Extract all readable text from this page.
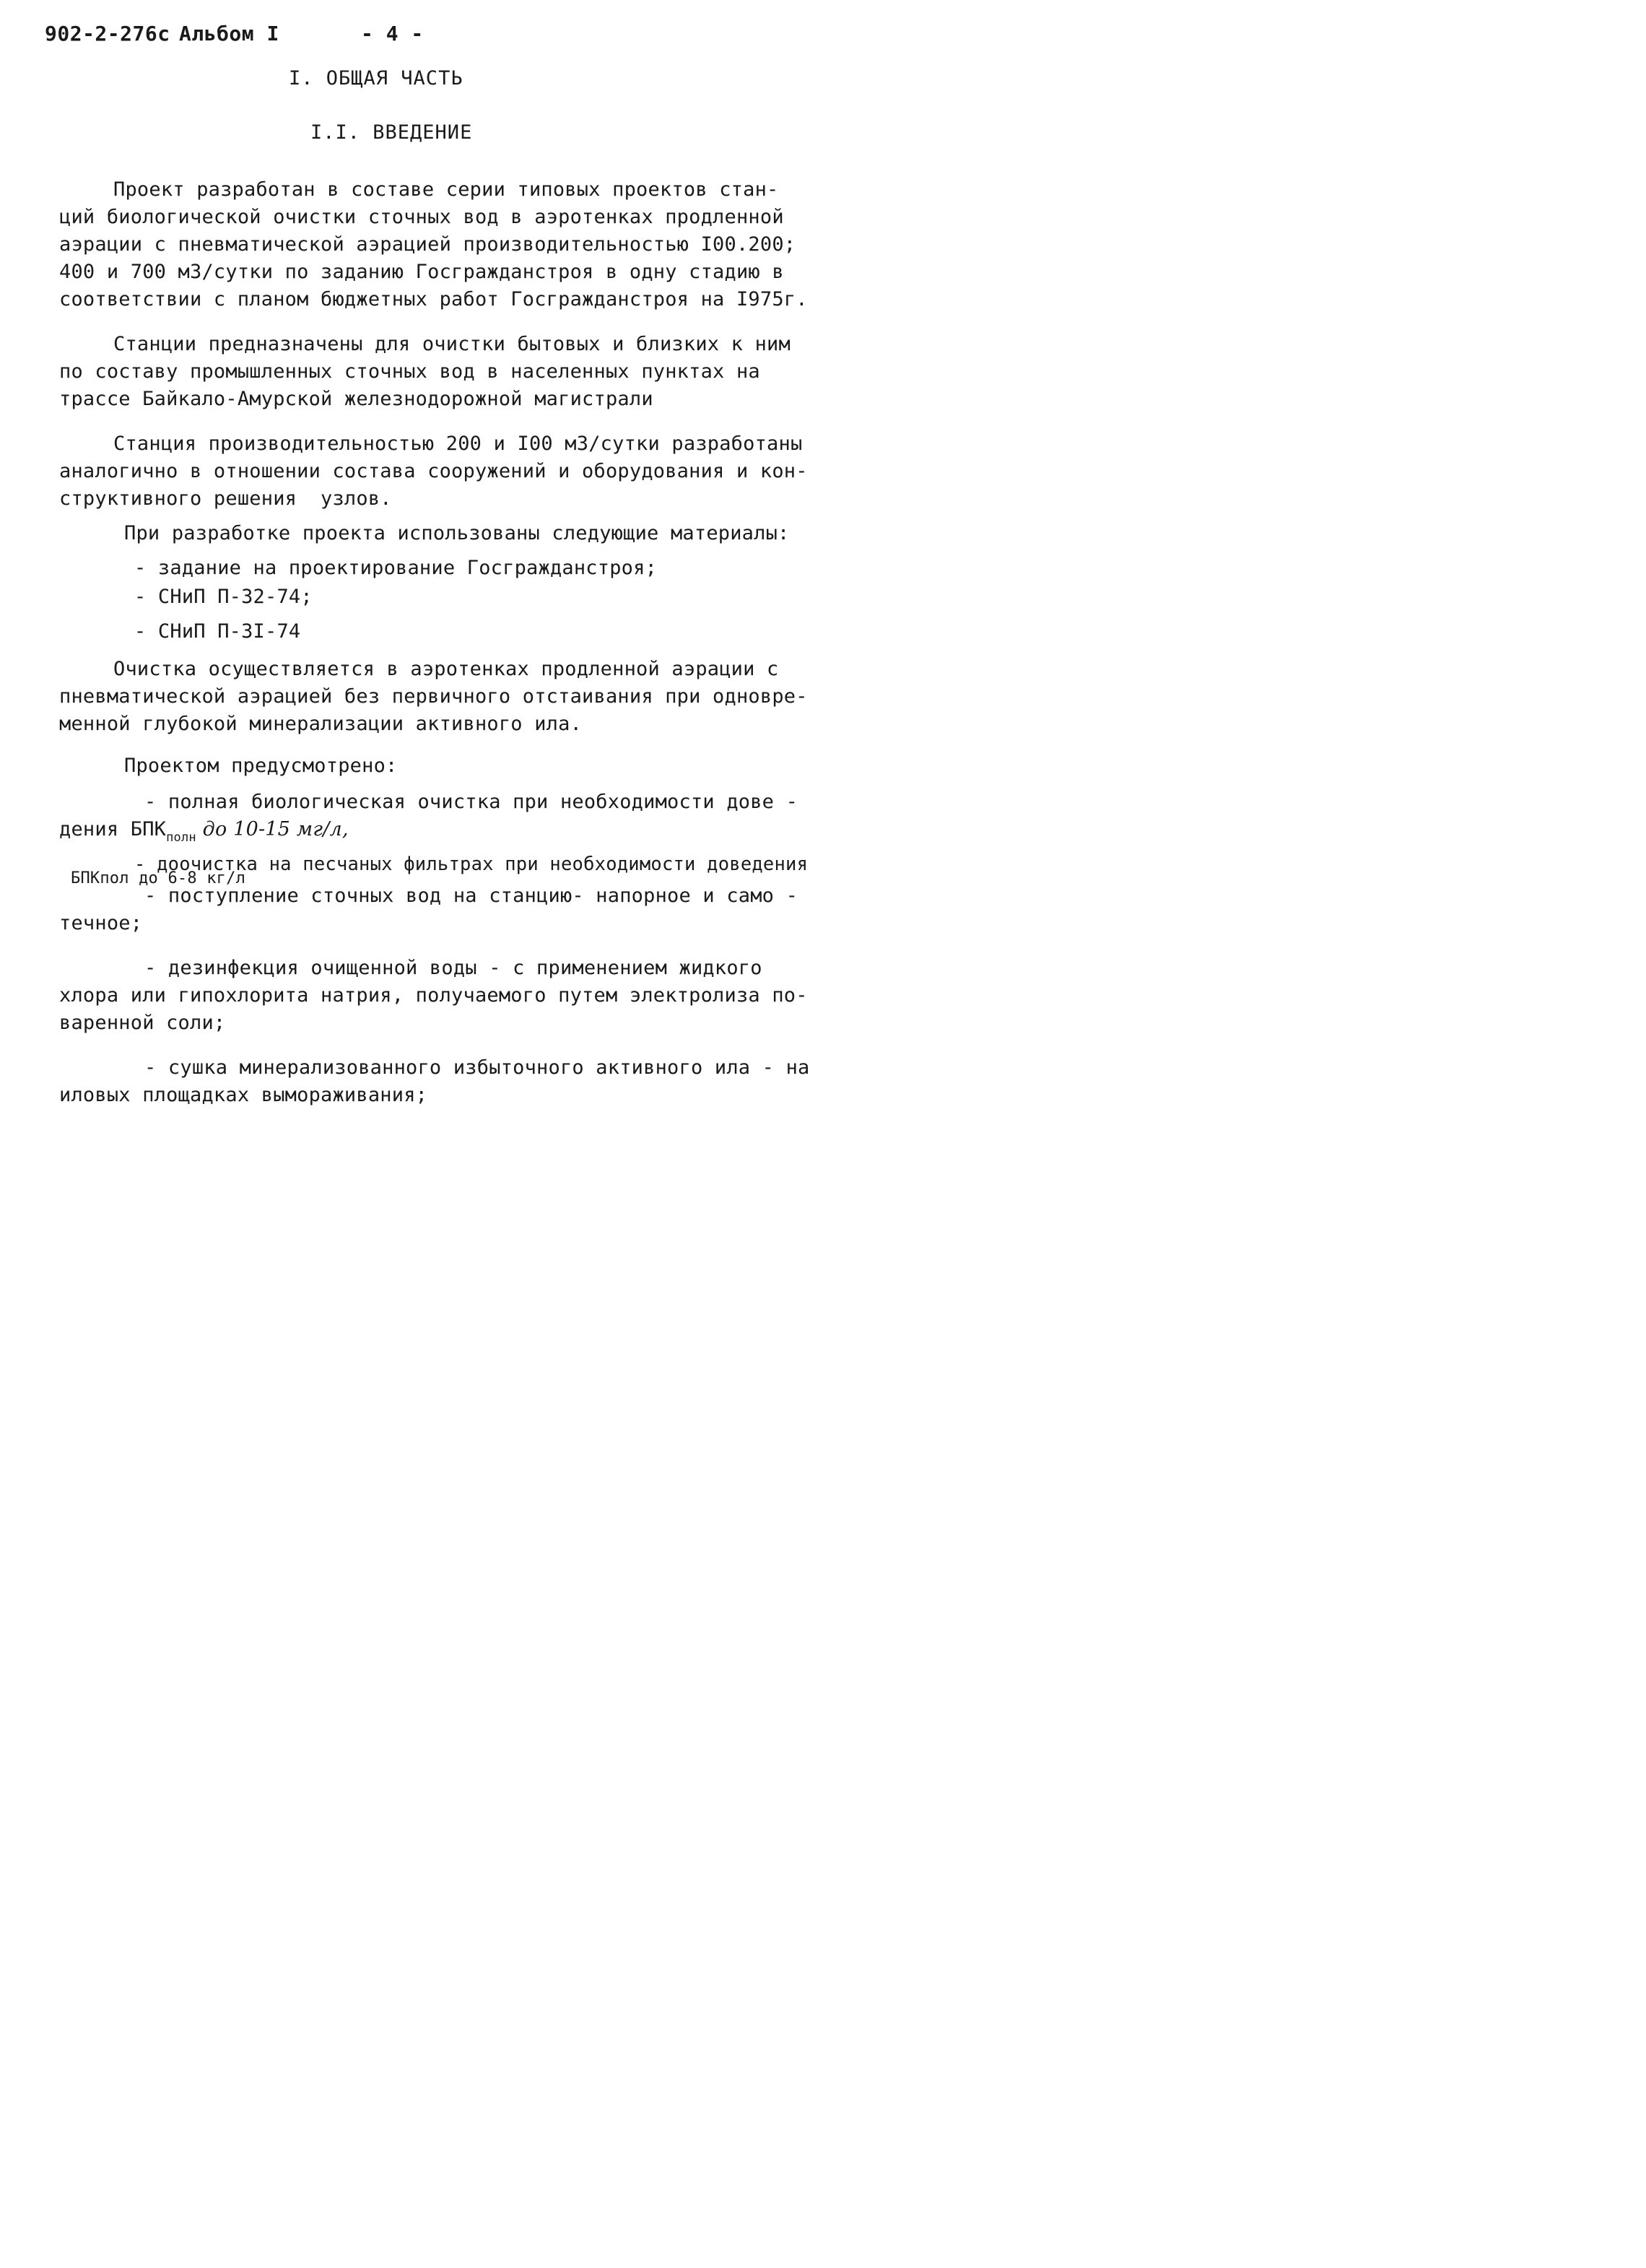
902-2-276с Альбом I	- 4 -
I. ОБЩАЯ ЧАСТЬ
I.I. ВВЕДЕНИЕ
Проект разработан в составе серии типовых проектов стан-
ций биологической очистки сточных вод в аэротенках продленной
аэрации с пневматической аэрацией производительностью I00.200;
400 и 700 м3/сутки по заданию Госгражданстроя в одну стадию в
соответствии с планом бюджетных работ Госгражданстроя на I975г.
Станции предназначены для очистки бытовых и близких к ним
по составу промышленных сточных вод в населенных пунктах на
трассе Байкало-Амурской железнодорожной магистрали
Станция производительностью 200 и I00 м3/сутки разработаны
аналогично в отношении состава сооружений и оборудования и кон-
структивного решения  узлов.
При разработке проекта использованы следующие материалы:
- задание на проектирование Госгражданстроя;
- СНиП П-32-74;
- СНиП П-3I-74
Очистка осуществляется в аэротенках продленной аэрации с
пневматической аэрацией без первичного отстаивания при одновре-
менной глубокой минерализации активного ила.
Проектом предусмотрено:
- полная биологическая очистка при необходимости дове -
дения $БПК_{полн}$ до 10-15 мг/л,
- доочистка на песчаных фильтрах при необходимости доведения
БПКпол до 6-8 кг/л
- поступление сточных вод на станцию- напорное и само -
течное;
- дезинфекция очищенной воды - с применением жидкого
хлора или гипохлорита натрия, получаемого путем электролиза по-
варенной соли;
- сушка минерализованного избыточного активного ила - на
иловых площадках вымораживания;
